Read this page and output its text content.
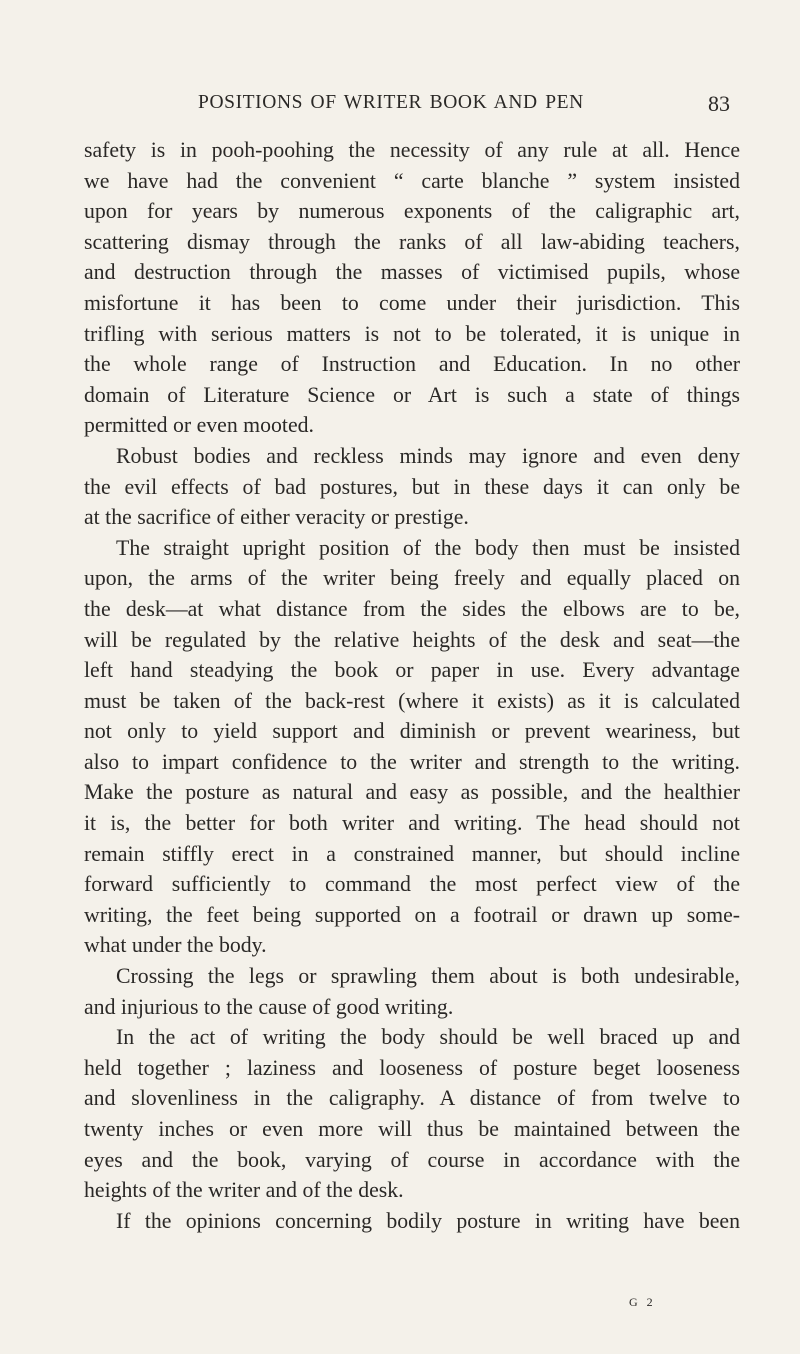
POSITIONS OF WRITER BOOK AND PEN	83
safety is in pooh-poohing the necessity of any rule at all. Hence
we have had the convenient “ carte blanche ” system insisted
upon for years by numerous exponents of the caligraphic art,
scattering dismay through the ranks of all law-abiding teachers,
and destruction through the masses of victimised pupils, whose
misfortune it has been to come under their jurisdiction. This
trifling with serious matters is not to be tolerated, it is unique in
the whole range of Instruction and Education. In no other
domain of Literature Science or Art is such a state of things
permitted or even mooted.
Robust bodies and reckless minds may ignore and even deny
the evil effects of bad postures, but in these days it can only be
at the sacrifice of either veracity or prestige.
The straight upright position of the body then must be insisted
upon, the arms of the writer being freely and equally placed on
the desk—at what distance from the sides the elbows are to be,
will be regulated by the relative heights of the desk and seat—the
left hand steadying the book or paper in use. Every advantage
must be taken of the back-rest (where it exists) as it is calculated
not only to yield support and diminish or prevent weariness, but
also to impart confidence to the writer and strength to the writing.
Make the posture as natural and easy as possible, and the healthier
it is, the better for both writer and writing. The head should not
remain stiffly erect in a constrained manner, but should incline
forward sufficiently to command the most perfect view of the
writing, the feet being supported on a footrail or drawn up some-
what under the body.
Crossing the legs or sprawling them about is both undesirable,
and injurious to the cause of good writing.
In the act of writing the body should be well braced up and
held together ; laziness and looseness of posture beget looseness
and slovenliness in the caligraphy. A distance of from twelve to
twenty inches or even more will thus be maintained between the
eyes and the book, varying of course in accordance with the
heights of the writer and of the desk.
If the opinions concerning bodily posture in writing have been
G 2
